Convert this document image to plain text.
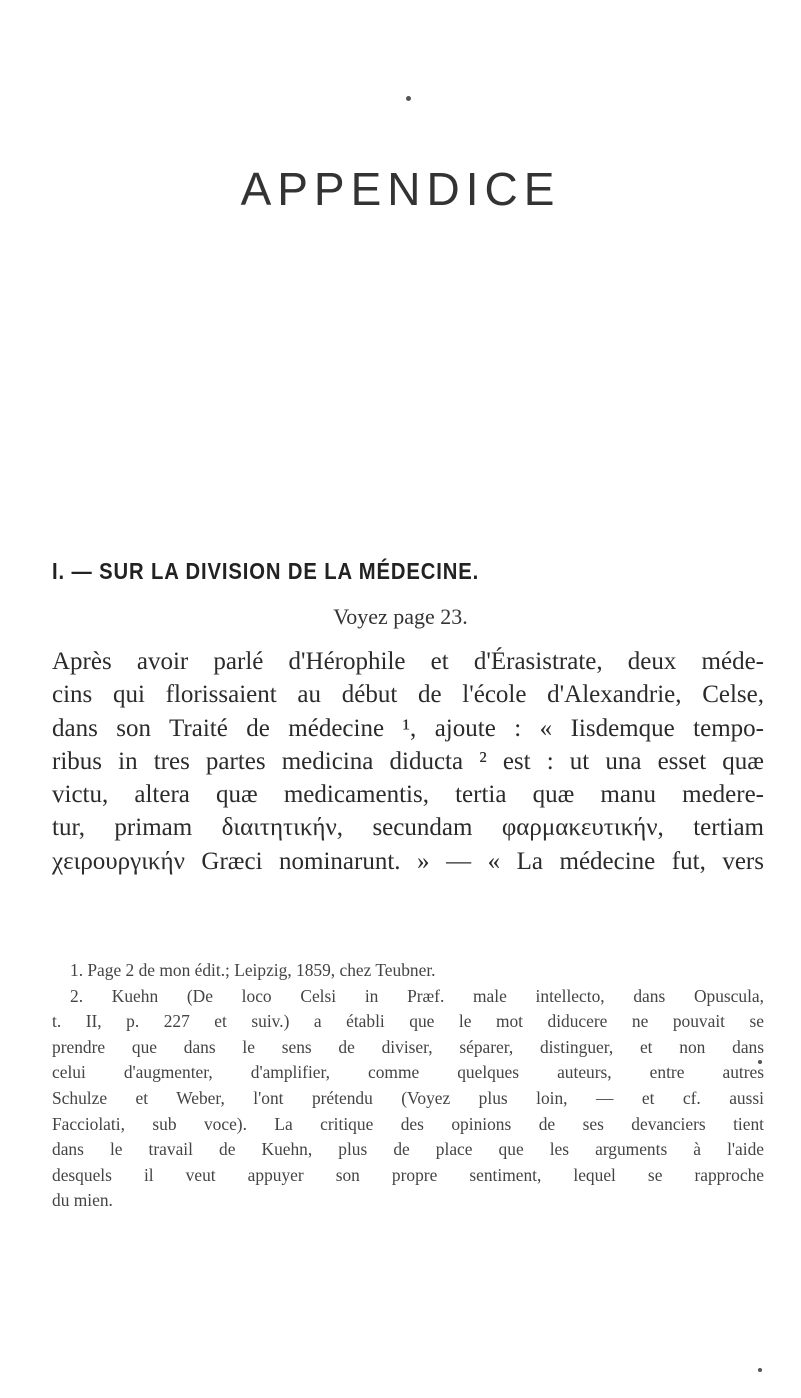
APPENDICE
I. — SUR LA DIVISION DE LA MÉDECINE.
Voyez page 23.
Après avoir parlé d'Hérophile et d'Érasistrate, deux méde-
cins qui florissaient au début de l'école d'Alexandrie, Celse,
dans son Traité de médecine ¹, ajoute : « Iisdemque tempo-
ribus in tres partes medicina diducta ² est : ut una esset quæ
victu, altera quæ medicamentis, tertia quæ manu medere-
tur, primam διαιτητικήν, secundam φαρμακευτικήν, tertiam
χειρουργικήν Græci nominarunt. » — « La médecine fut, vers
1. Page 2 de mon édit.; Leipzig, 1859, chez Teubner.
2. Kuehn (De loco Celsi in Præf. male intellecto, dans Opuscula,
t. II, p. 227 et suiv.) a établi que le mot diducere ne pouvait se
prendre que dans le sens de diviser, séparer, distinguer, et non dans
celui d'augmenter, d'amplifier, comme quelques auteurs, entre autres
Schulze et Weber, l'ont prétendu (Voyez plus loin, — et cf. aussi
Facciolati, sub voce). La critique des opinions de ses devanciers tient
dans le travail de Kuehn, plus de place que les arguments à l'aide
desquels il veut appuyer son propre sentiment, lequel se rapproche
du mien.
